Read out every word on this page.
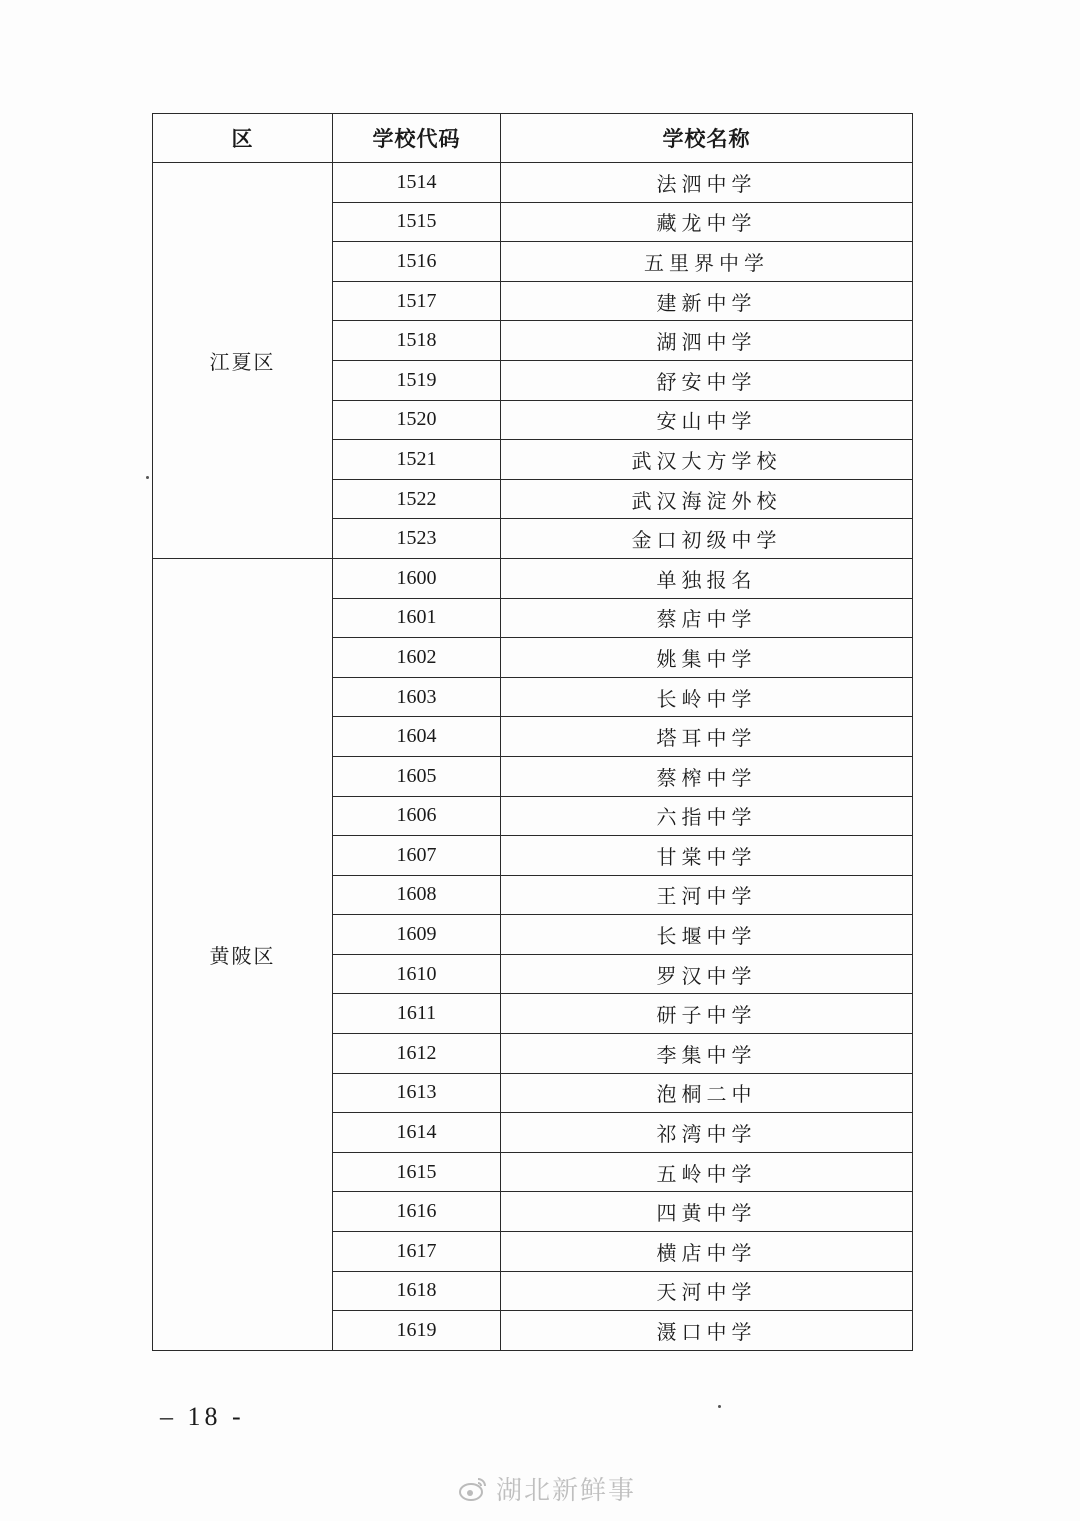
区	学校代码	学校名称
江夏区	1514	法泗中学
	1515	藏龙中学
	1516	五里界中学
	1517	建新中学
	1518	湖泗中学
	1519	舒安中学
	1520	安山中学
	1521	武汉大方学校
	1522	武汉海淀外校
	1523	金口初级中学
黄陂区	1600	单独报名
	1601	蔡店中学
	1602	姚集中学
	1603	长岭中学
	1604	塔耳中学
	1605	蔡榨中学
	1606	六指中学
	1607	甘棠中学
	1608	王河中学
	1609	长堰中学
	1610	罗汉中学
	1611	研子中学
	1612	李集中学
	1613	泡桐二中
	1614	祁湾中学
	1615	五岭中学
	1616	四黄中学
	1617	横店中学
	1618	天河中学
	1619	滠口中学
– 18 -
湖北新鲜事
